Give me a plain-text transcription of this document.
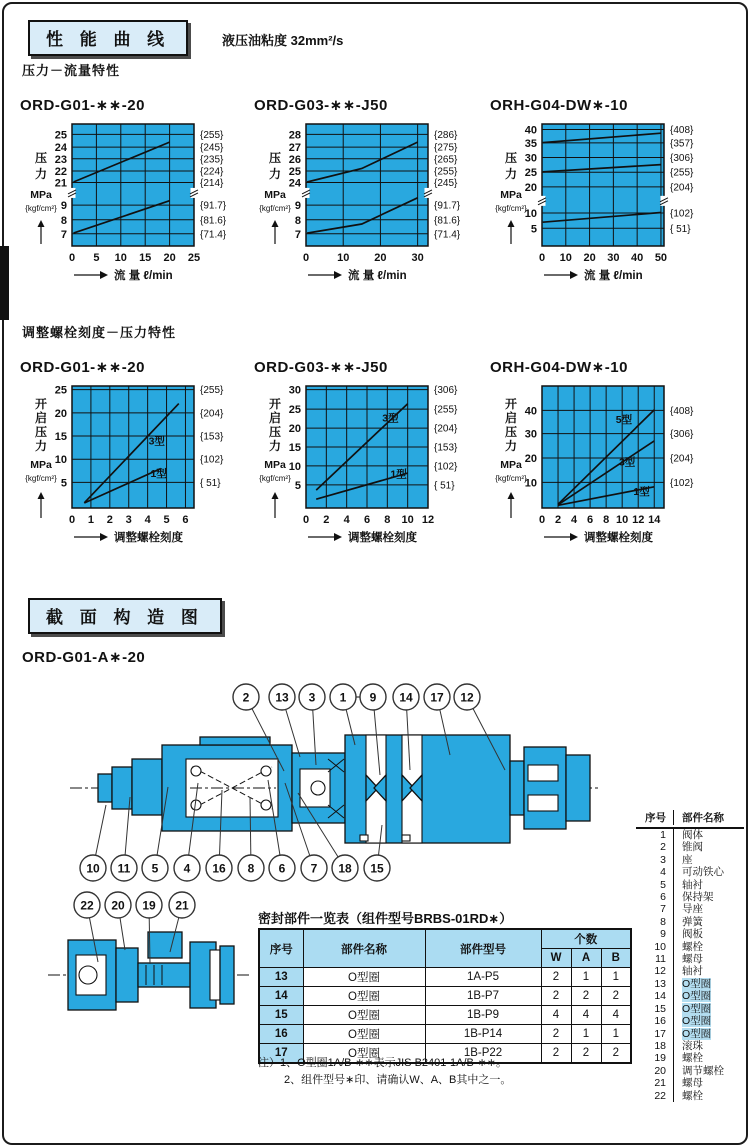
性 能 曲 线	液压油粘度 32mm²/s
压力－流量特性
ORD-G01-∗∗-20
0 5 10 15 20 25
25	{255}
24	{245}
23	{235}
22	{224}
21	{214}
9	{91.7}
8	{81.6}
7	{71.4}
压
力
MPa
{kgf/cm²}
流 量 ℓ/min
ORD-G03-∗∗-J50
0	10 20 30
28	{286}
27	{275}
26	{265}
25	{255}
24	{245}
9	{91.7}
8	{81.6}
7	{71.4}
压
力
MPa
{kgf/cm²}
流 量 ℓ/min
ORH-G04-DW∗-10
0 10 20 30 40 50
40	{408}
35	{357}
30	{306}
25	{255}
20	{204}
10	{102}
5	{ 51}
压
力
MPa
{kgf/cm²}
流 量 ℓ/min
调整螺栓刻度－压力特性
ORD-G01-∗∗-20
0 1 2 3 4 5 6
25	{255}
20	{204}
15	{153}
10	{102}
5	{ 51}
3型
1型
开
启
压
力
MPa
{kgf/cm²}
调整螺栓刻度
ORD-G03-∗∗-J50
0 2 4 6 8 10 12
30	{306}
25	{255}
20	{204}
15	{153}
10	{102}
5	{ 51}
3型
1型
开
启
压
力
MPa
{kgf/cm²}
调整螺栓刻度
ORH-G04-DW∗-10
0 2 4 6 8 10 12 14
40	{408}
30	{306}
20	{204}
10	{102}
5型
3型
1型
开
启
压
力
MPa
{kgf/cm²}
调整螺栓刻度
截 面 构 造 图
ORD-G01-A∗-20
2 13 3 1 9 14 17 12
10 11 5 4 16 8 6 7 18 15
22 20 19 21
密封部件一览表（组件型号BRBS-01RD∗）
序号	部件名称	部件型号	个数		
			W	A	B
13	O型圈	1A-P5	2	1	1
14	O型圈	1B-P7	2	2	2
15	O型圈	1B-P9	4	4	4
16	O型圈	1B-P14	2	1	1
17	O型圈	1B-P22	2	2	2
注）1、O型圈1A/B-∗∗表示JIS B2401-1A/B-∗∗。
2、组件型号∗印、请确认W、A、B其中之一。
序号	部件名称
1	阀体
2	锥阀
3	座
4	可动铁心
5	轴衬
6	保持架
7	导座
8	弹簧
9	阀板
10	螺栓
11	螺母
12	轴衬
13	O型圈
14	O型圈
15	O型圈
16	O型圈
17	O型圈
18	滚珠
19	螺栓
20	调节螺栓
21	螺母
22	螺栓
